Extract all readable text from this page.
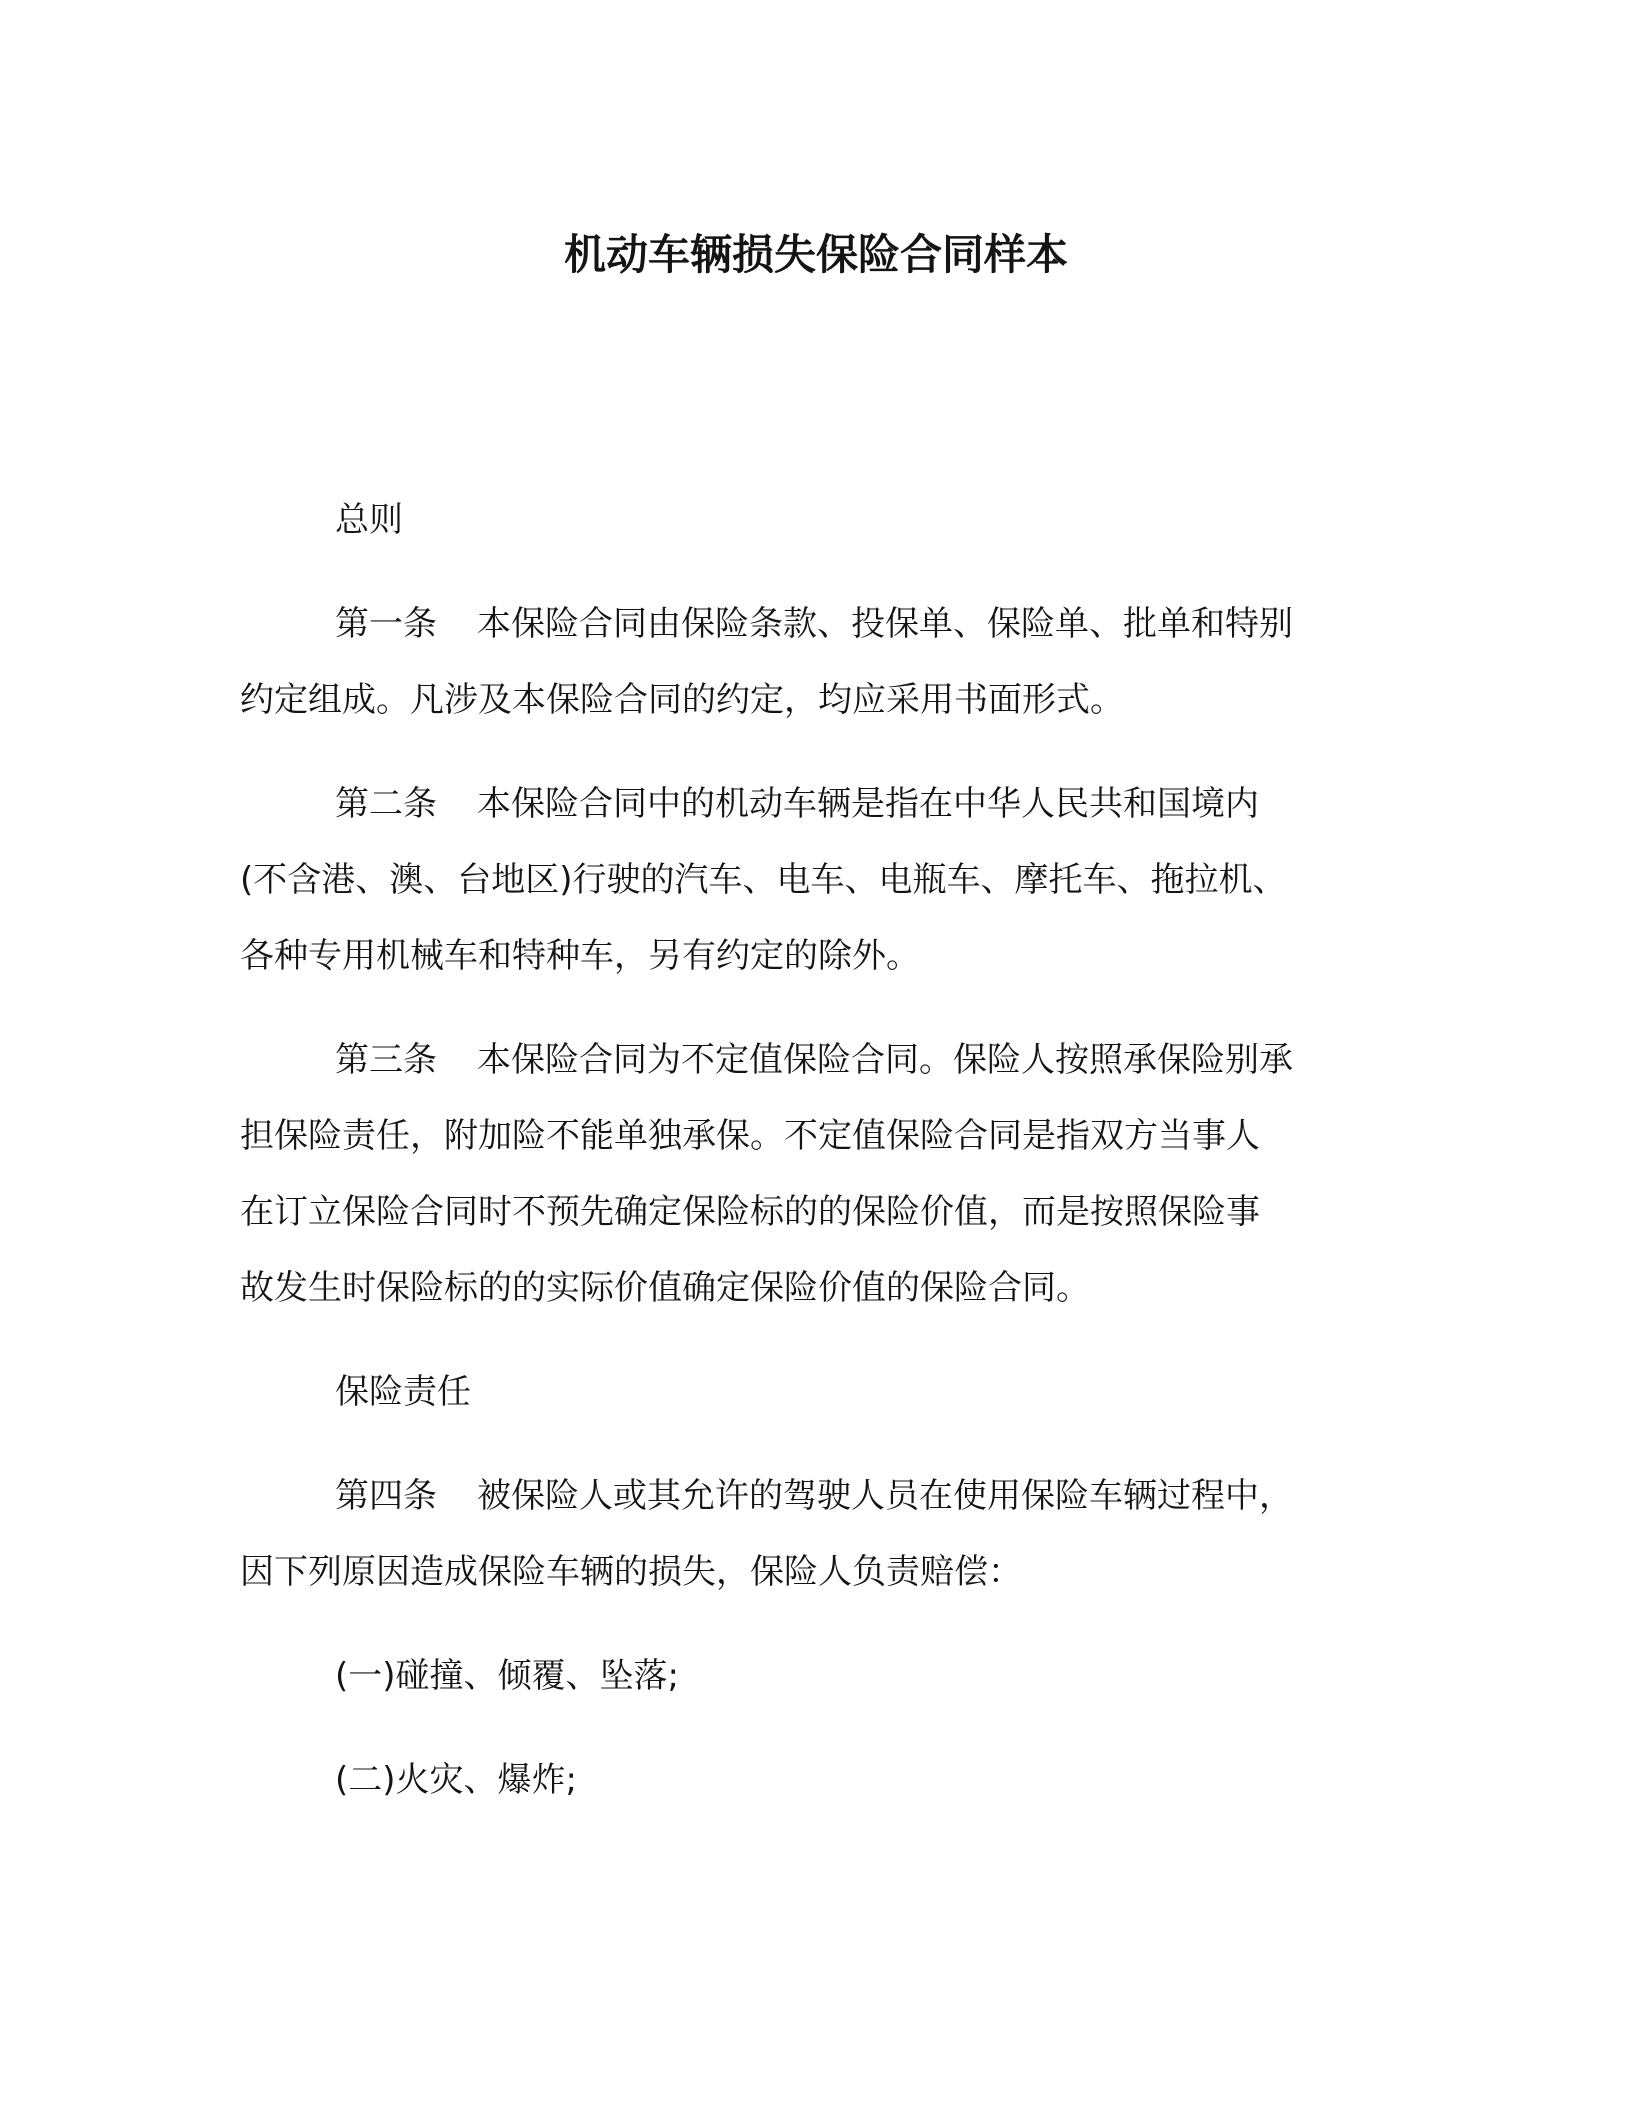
机动车辆损失保险合同样本

总则

第一条 本保险合同由保险条款、投保单、保险单、批单和特别

约定组成。凡涉及本保险合同的约定，均应采用书面形式。

第二条 本保险合同中的机动车辆是指在中华人民共和国境内

(不含港、澳、台地区)行驶的汽车、电车、电瓶车、摩托车、拖拉机、

各种专用机械车和特种车，另有约定的除外。

第三条 本保险合同为不定值保险合同。保险人按照承保险别承

担保险责任，附加险不能单独承保。不定值保险合同是指双方当事人

在订立保险合同时不预先确定保险标的的保险价值，而是按照保险事

故发生时保险标的的实际价值确定保险价值的保险合同。

保险责任

第四条 被保险人或其允许的驾驶人员在使用保险车辆过程中，

因下列原因造成保险车辆的损失，保险人负责赔偿：

(一)碰撞、倾覆、坠落;

(二)火灾、爆炸;
